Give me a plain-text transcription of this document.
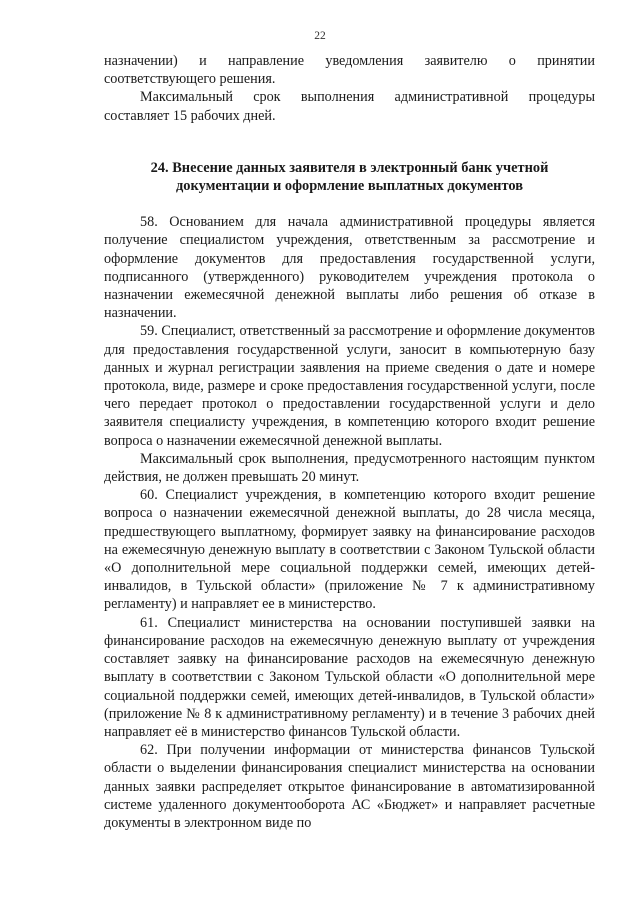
22

назначении) и направление уведомления заявителю о принятии соответствующего решения.

Максимальный срок выполнения административной процедуры составляет 15 рабочих дней.

24. Внесение данных заявителя в электронный банк учетной документации и оформление выплатных документов

58. Основанием для начала административной процедуры является получение специалистом учреждения, ответственным за рассмотрение и оформление документов для предоставления государственной услуги, подписанного (утвержденного) руководителем учреждения протокола о назначении ежемесячной денежной выплаты либо решения об отказе в назначении.

59. Специалист, ответственный за рассмотрение и оформление документов для предоставления государственной услуги, заносит в компьютерную базу данных и журнал регистрации заявления на приеме сведения о дате и номере протокола, виде, размере и сроке предоставления государственной услуги, после чего передает протокол о предоставлении государственной услуги и дело заявителя специалисту учреждения, в компетенцию которого входит решение вопроса о назначении ежемесячной денежной выплаты.

Максимальный срок выполнения, предусмотренного настоящим пунктом действия, не должен превышать 20 минут.

60. Специалист учреждения, в компетенцию которого входит решение вопроса о назначении ежемесячной денежной выплаты, до 28 числа месяца, предшествующего выплатному, формирует заявку на финансирование расходов на ежемесячную денежную выплату в соответствии с Законом Тульской области «О дополнительной мере социальной поддержки семей, имеющих детей-инвалидов, в Тульской области» (приложение № 7 к административному регламенту) и направляет ее в министерство.

61. Специалист министерства на основании поступившей заявки на финансирование расходов на ежемесячную денежную выплату от учреждения составляет заявку на финансирование расходов на ежемесячную денежную выплату в соответствии с Законом Тульской области «О дополнительной мере социальной поддержки семей, имеющих детей-инвалидов, в Тульской области» (приложение № 8 к административному регламенту) и в течение 3 рабочих дней направляет её в министерство финансов Тульской области.

62. При получении информации от министерства финансов Тульской области о выделении финансирования специалист министерства на основании данных заявки распределяет открытое финансирование в автоматизированной системе удаленного документооборота АС «Бюджет» и направляет расчетные документы в электронном виде по
